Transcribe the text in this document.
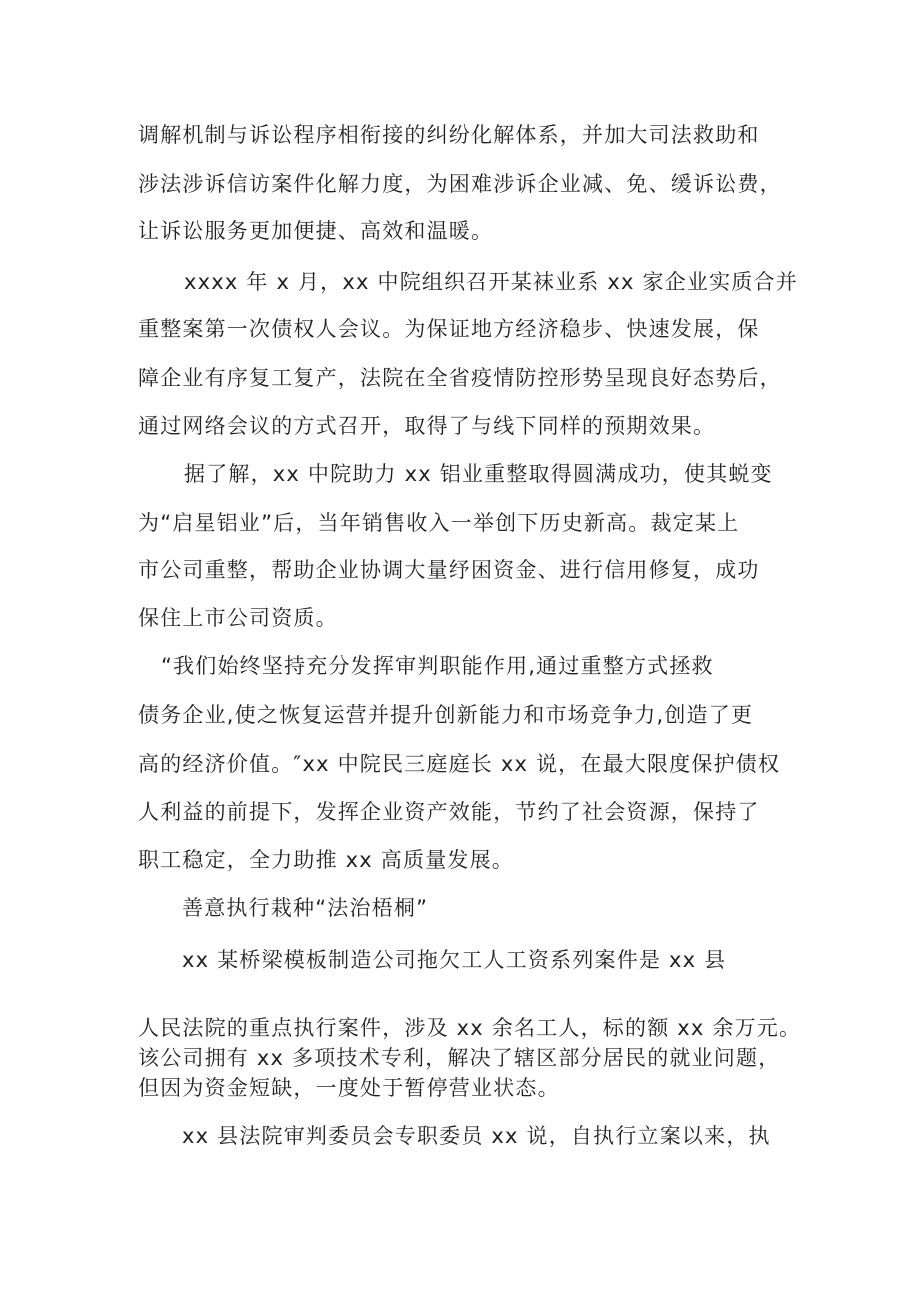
调解机制与诉讼程序相衔接的纠纷化解体系，并加大司法救助和

涉法涉诉信访案件化解力度，为困难涉诉企业减、免、缓诉讼费，

让诉讼服务更加便捷、高效和温暖。

xxxx 年 x 月，xx 中院组织召开某袜业系 xx 家企业实质合并

重整案第一次债权人会议。为保证地方经济稳步、快速发展，保

障企业有序复工复产，法院在全省疫情防控形势呈现良好态势后，

通过网络会议的方式召开，取得了与线下同样的预期效果。

据了解，xx 中院助力 xx 铝业重整取得圆满成功，使其蜕变

为“启星铝业”后，当年销售收入一举创下历史新高。裁定某上

市公司重整，帮助企业协调大量纾困资金、进行信用修复，成功

保住上市公司资质。

“我们始终坚持充分发挥审判职能作用,通过重整方式拯救

债务企业,使之恢复运营并提升创新能力和市场竞争力,创造了更

高的经济价值。″xx 中院民三庭庭长 xx 说，在最大限度保护债权

人利益的前提下，发挥企业资产效能，节约了社会资源，保持了

职工稳定，全力助推 xx 高质量发展。

善意执行栽种“法治梧桐”

xx 某桥梁模板制造公司拖欠工人工资系列案件是 xx 县

人民法院的重点执行案件，涉及 xx 余名工人，标的额 xx 余万元。

该公司拥有 xx 多项技术专利，解决了辖区部分居民的就业问题，

但因为资金短缺，一度处于暂停营业状态。

xx 县法院审判委员会专职委员 xx 说，自执行立案以来，执
